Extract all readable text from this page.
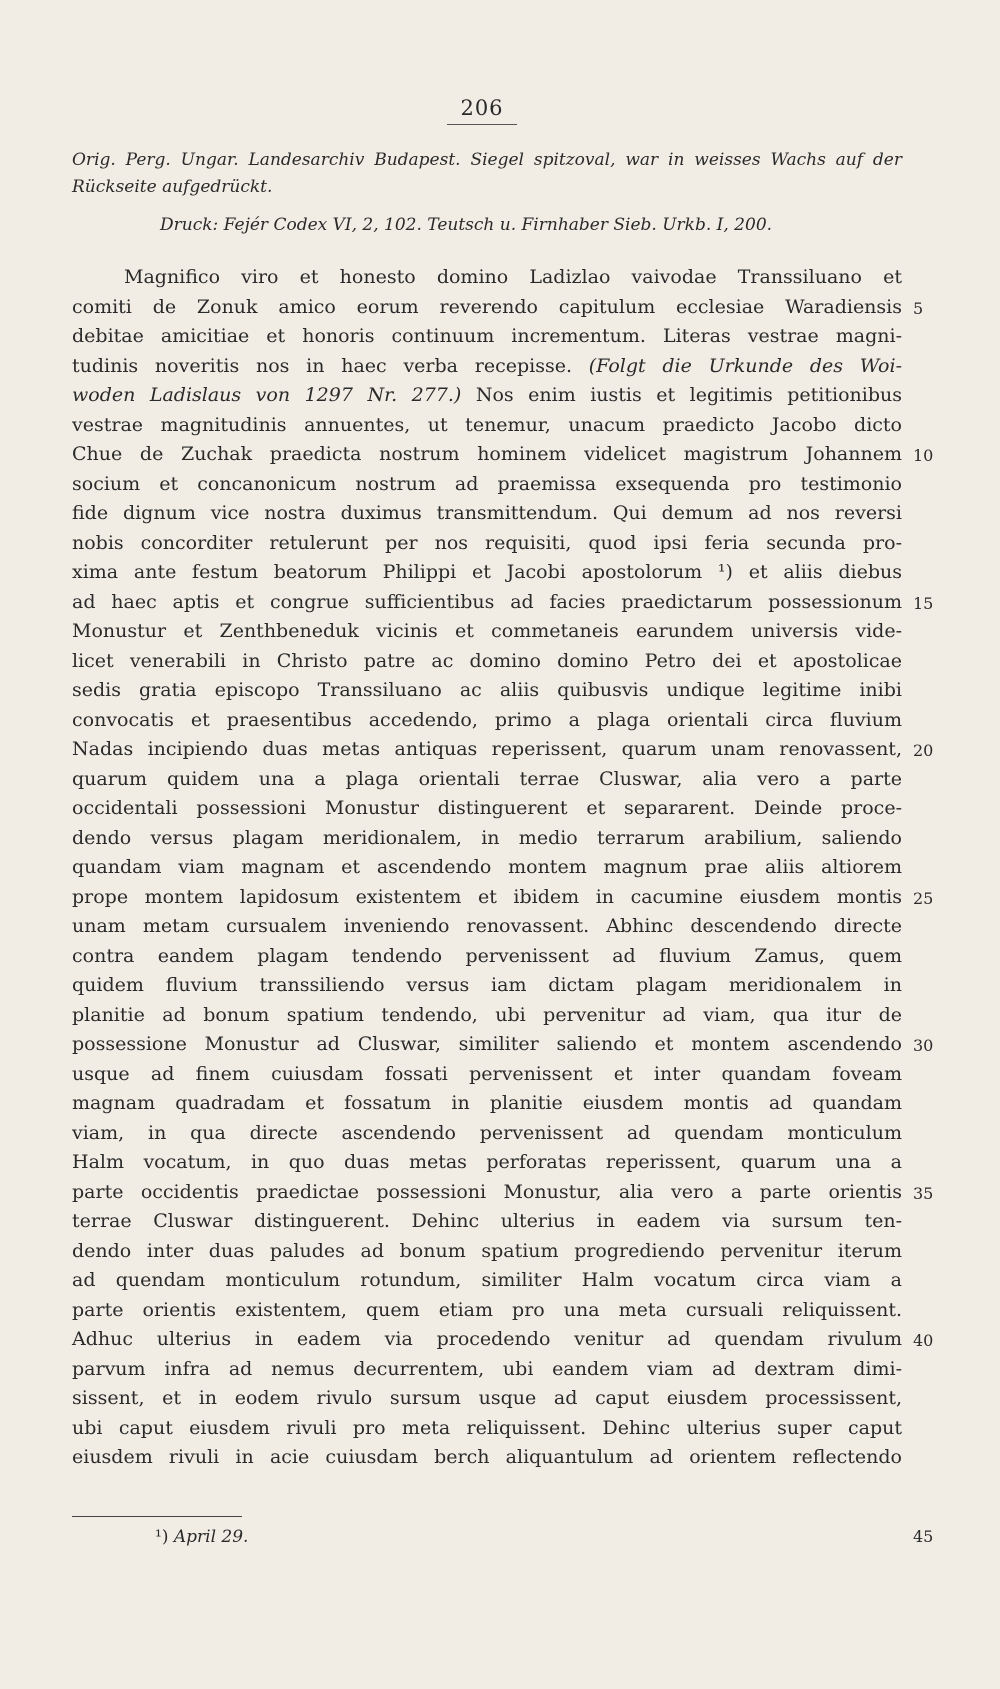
206
Orig. Perg. Ungar. Landesarchiv Budapest. Siegel spitzoval, war in weisses Wachs auf der Rückseite aufgedrückt.
Druck: Fejér Codex VI, 2, 102. Teutsch u. Firnhaber Sieb. Urkb. I, 200.
Magnifico viro et honesto domino Ladizlao vaivodae Transsiluano et
comiti de Zonuk amico eorum reverendo capitulum ecclesiae Waradiensis
debitae amicitiae et honoris continuum incrementum. Literas vestrae magni-
tudinis noveritis nos in haec verba recepisse. (Folgt die Urkunde des Woi-
woden Ladislaus von 1297 Nr. 277.) Nos enim iustis et legitimis petitionibus
vestrae magnitudinis annuentes, ut tenemur, unacum praedicto Jacobo dicto
Chue de Zuchak praedicta nostrum hominem videlicet magistrum Johannem
socium et concanonicum nostrum ad praemissa exsequenda pro testimonio
fide dignum vice nostra duximus transmittendum. Qui demum ad nos reversi
nobis concorditer retulerunt per nos requisiti, quod ipsi feria secunda pro-
xima ante festum beatorum Philippi et Jacobi apostolorum ¹) et aliis diebus
ad haec aptis et congrue sufficientibus ad facies praedictarum possessionum
Monustur et Zenthbeneduk vicinis et commetaneis earundem universis vide-
licet venerabili in Christo patre ac domino domino Petro dei et apostolicae
sedis gratia episcopo Transsiluano ac aliis quibusvis undique legitime inibi
convocatis et praesentibus accedendo, primo a plaga orientali circa fluvium
Nadas incipiendo duas metas antiquas reperissent, quarum unam renovassent,
quarum quidem una a plaga orientali terrae Cluswar, alia vero a parte
occidentali possessioni Monustur distinguerent et separarent. Deinde proce-
dendo versus plagam meridionalem, in medio terrarum arabilium, saliendo
quandam viam magnam et ascendendo montem magnum prae aliis altiorem
prope montem lapidosum existentem et ibidem in cacumine eiusdem montis
unam metam cursualem inveniendo renovassent. Abhinc descendendo directe
contra eandem plagam tendendo pervenissent ad fluvium Zamus, quem
quidem fluvium transsiliendo versus iam dictam plagam meridionalem in
planitie ad bonum spatium tendendo, ubi pervenitur ad viam, qua itur de
possessione Monustur ad Cluswar, similiter saliendo et montem ascendendo
usque ad finem cuiusdam fossati pervenissent et inter quandam foveam
magnam quadradam et fossatum in planitie eiusdem montis ad quandam
viam, in qua directe ascendendo pervenissent ad quendam monticulum
Halm vocatum, in quo duas metas perforatas reperissent, quarum una a
parte occidentis praedictae possessioni Monustur, alia vero a parte orientis
terrae Cluswar distinguerent. Dehinc ulterius in eadem via sursum ten-
dendo inter duas paludes ad bonum spatium progrediendo pervenitur iterum
ad quendam monticulum rotundum, similiter Halm vocatum circa viam a
parte orientis existentem, quem etiam pro una meta cursuali reliquissent.
Adhuc ulterius in eadem via procedendo venitur ad quendam rivulum
parvum infra ad nemus decurrentem, ubi eandem viam ad dextram dimi-
sissent, et in eodem rivulo sursum usque ad caput eiusdem processissent,
ubi caput eiusdem rivuli pro meta reliquissent. Dehinc ulterius super caput
eiusdem rivuli in acie cuiusdam berch aliquantulum ad orientem reflectendo
5
10
15
20
25
30
35
40
45
¹) April 29.
